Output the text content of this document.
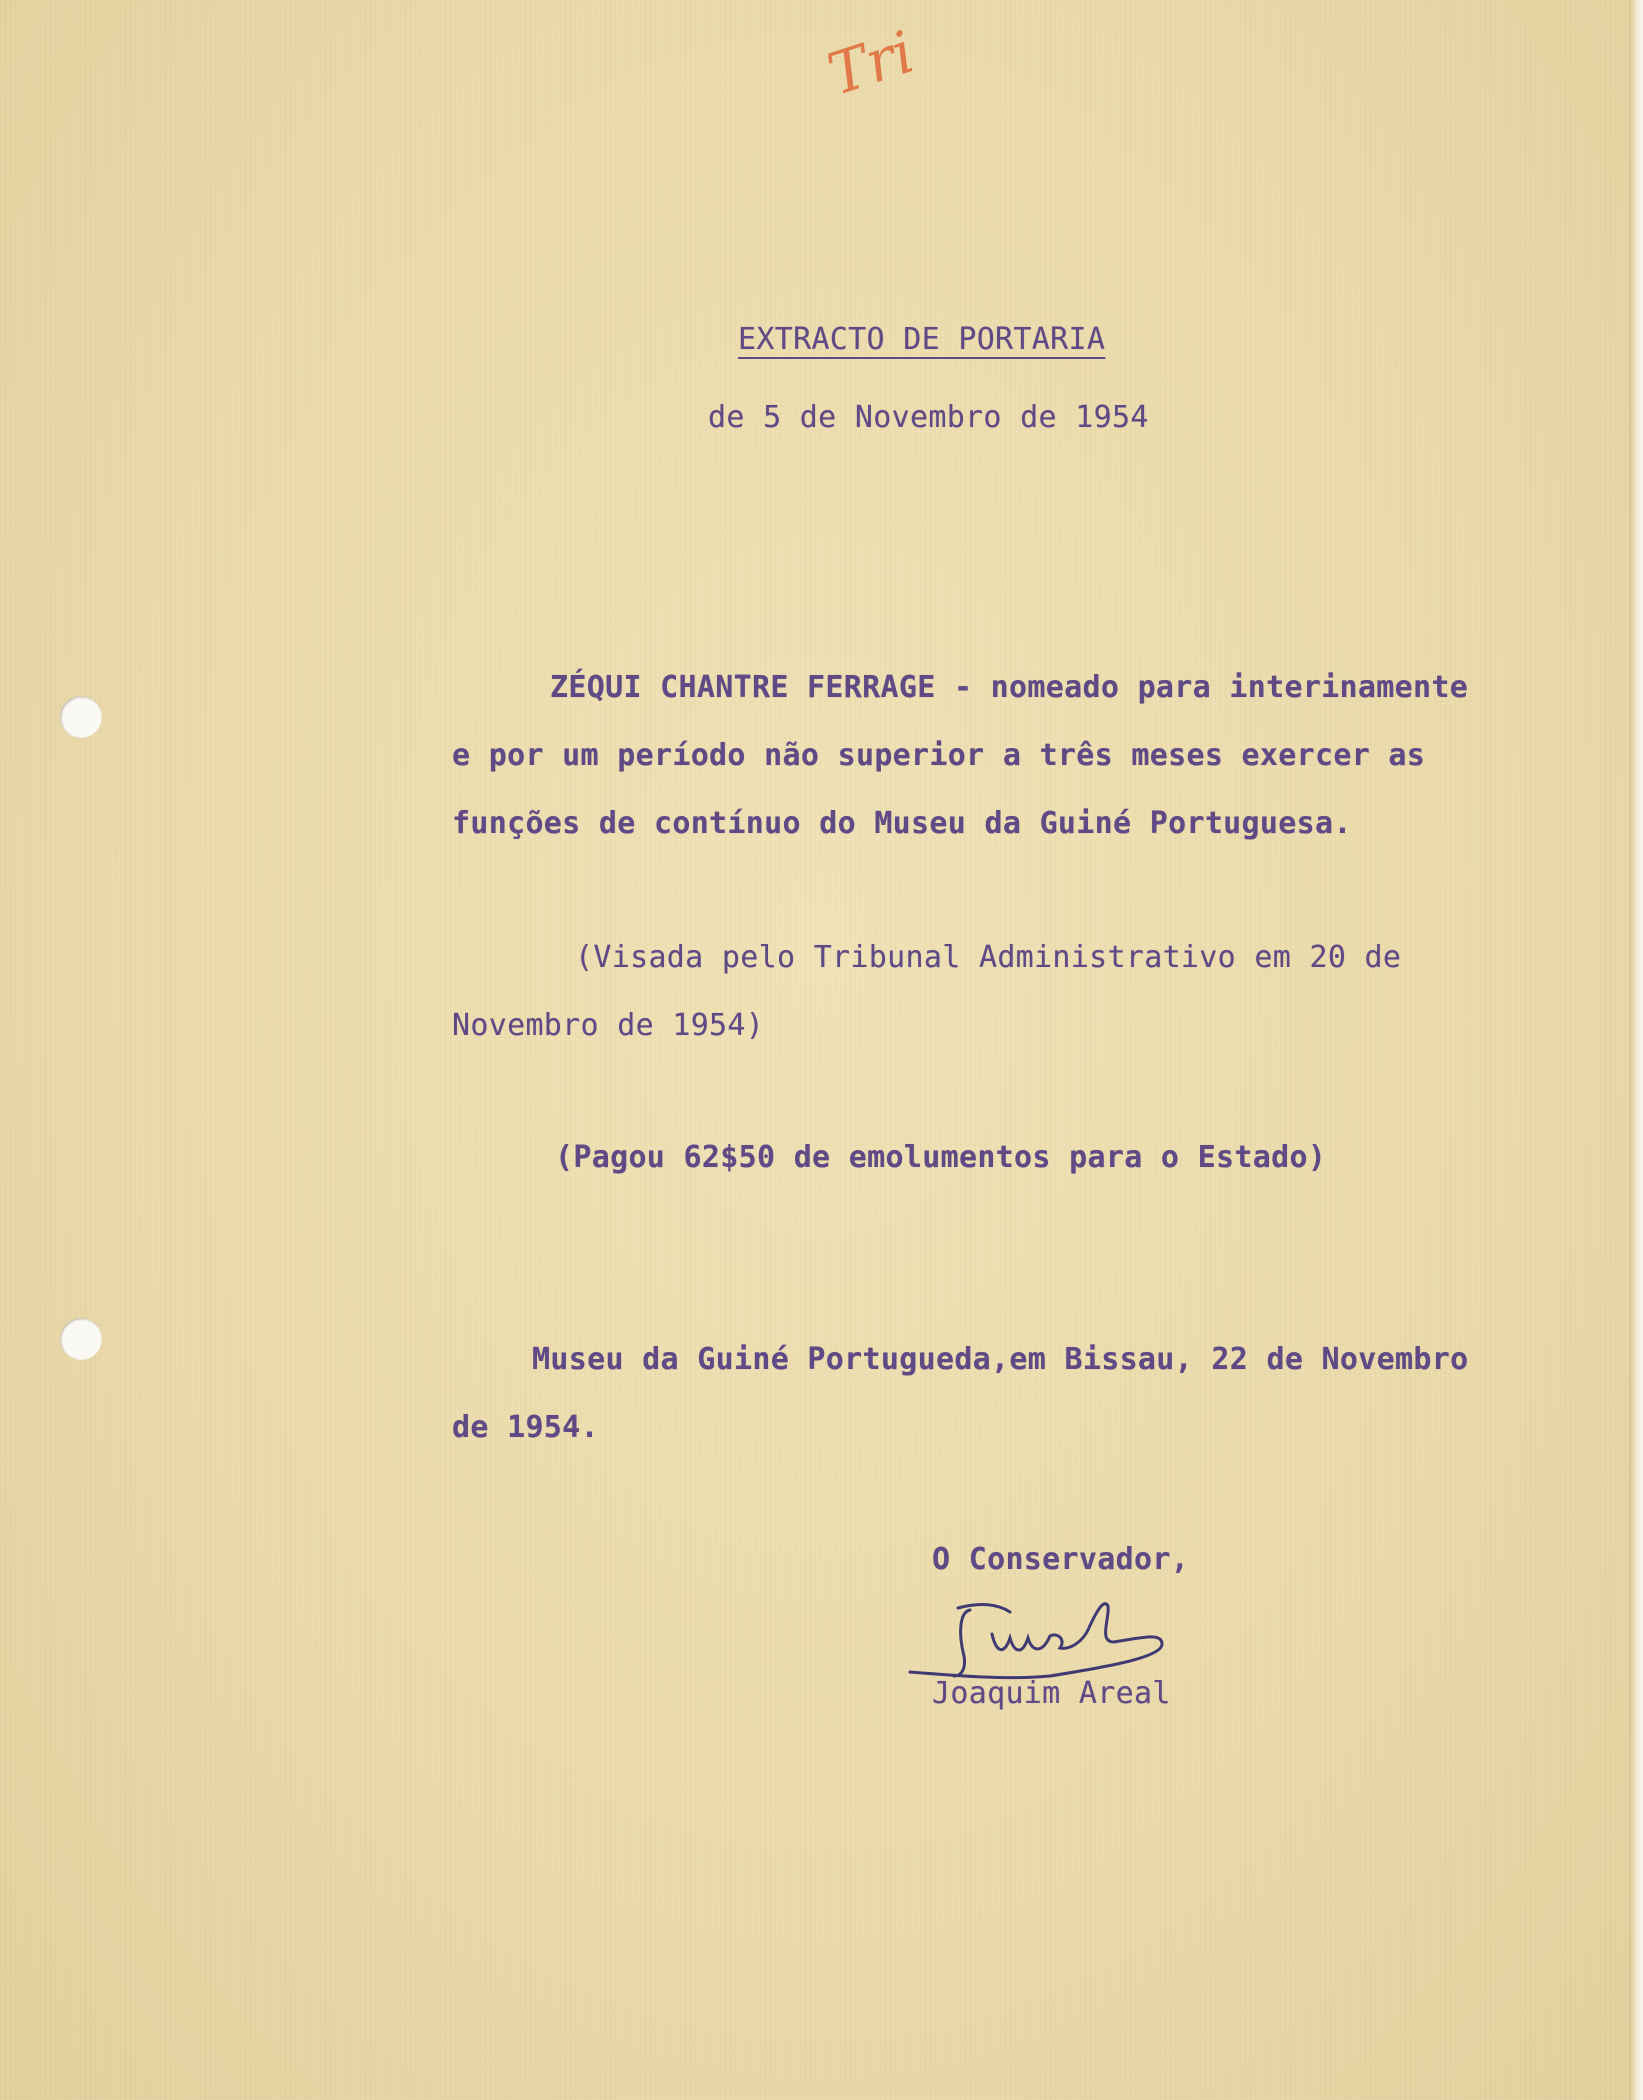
Tri
EXTRACTO DE PORTARIA
de 5 de Novembro de 1954
ZÉQUI CHANTRE FERRAGE - nomeado para interinamente
e por um período não superior a três meses exercer as
funções de contínuo do Museu da Guiné Portuguesa.
(Visada pelo Tribunal Administrativo em 20 de
Novembro de 1954)
(Pagou 62$50 de emolumentos para o Estado)
Museu da Guiné Portugueda,em Bissau, 22 de Novembro
de 1954.
O Conservador,
Joaquim Areal
